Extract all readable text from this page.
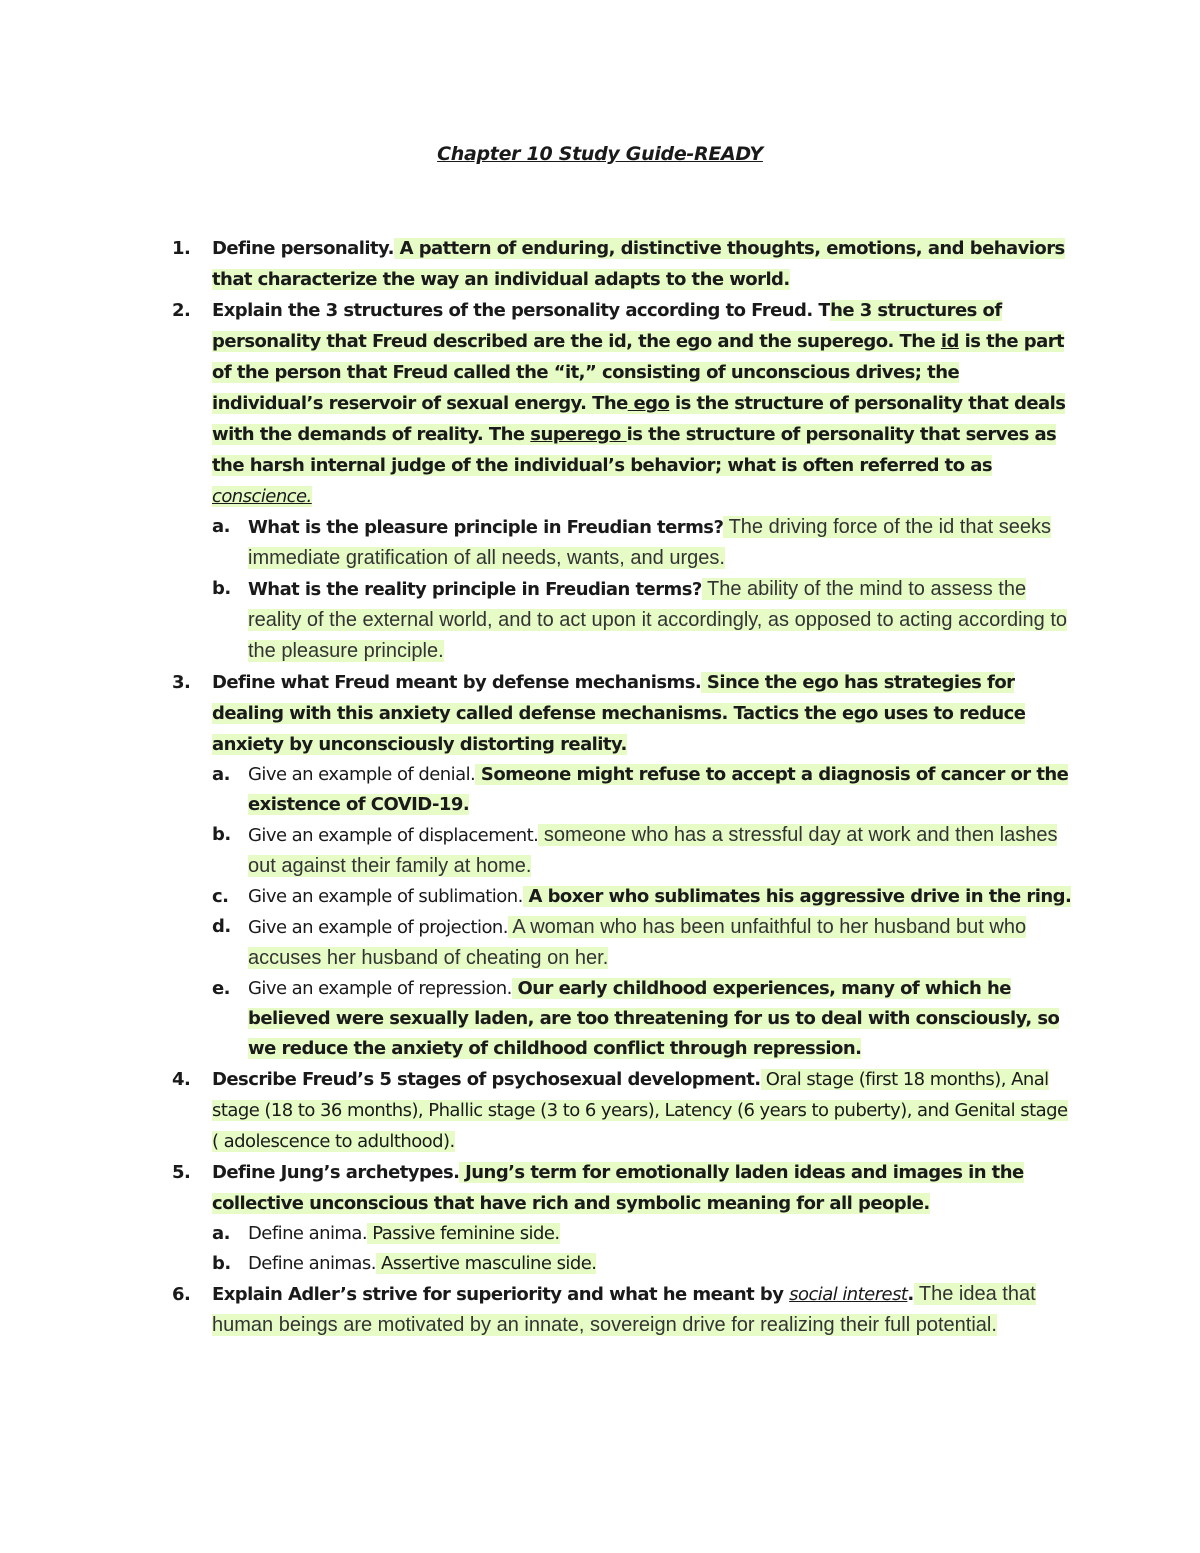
Chapter 10 Study Guide-READY
1. Define personality. A pattern of enduring, distinctive thoughts, emotions, and behaviors that characterize the way an individual adapts to the world.
2. Explain the 3 structures of the personality according to Freud. The 3 structures of personality that Freud described are the id, the ego and the superego. The id is the part of the person that Freud called the “it,” consisting of unconscious drives; the individual’s reservoir of sexual energy. The ego is the structure of personality that deals with the demands of reality. The superego is the structure of personality that serves as the harsh internal judge of the individual’s behavior; what is often referred to as conscience.
a. What is the pleasure principle in Freudian terms? The driving force of the id that seeks immediate gratification of all needs, wants, and urges.
b. What is the reality principle in Freudian terms? The ability of the mind to assess the reality of the external world, and to act upon it accordingly, as opposed to acting according to the pleasure principle.
3. Define what Freud meant by defense mechanisms. Since the ego has strategies for dealing with this anxiety called defense mechanisms. Tactics the ego uses to reduce anxiety by unconsciously distorting reality.
a. Give an example of denial. Someone might refuse to accept a diagnosis of cancer or the existence of COVID-19.
b. Give an example of displacement. someone who has a stressful day at work and then lashes out against their family at home.
c. Give an example of sublimation. A boxer who sublimates his aggressive drive in the ring.
d. Give an example of projection. A woman who has been unfaithful to her husband but who accuses her husband of cheating on her.
e. Give an example of repression. Our early childhood experiences, many of which he believed were sexually laden, are too threatening for us to deal with consciously, so we reduce the anxiety of childhood conflict through repression.
4. Describe Freud’s 5 stages of psychosexual development. Oral stage (first 18 months), Anal stage (18 to 36 months), Phallic stage (3 to 6 years), Latency (6 years to puberty), and Genital stage ( adolescence to adulthood).
5. Define Jung’s archetypes. Jung’s term for emotionally laden ideas and images in the collective unconscious that have rich and symbolic meaning for all people.
a. Define anima. Passive feminine side.
b. Define animas. Assertive masculine side.
6. Explain Adler’s strive for superiority and what he meant by social interest. The idea that human beings are motivated by an innate, sovereign drive for realizing their full potential.
